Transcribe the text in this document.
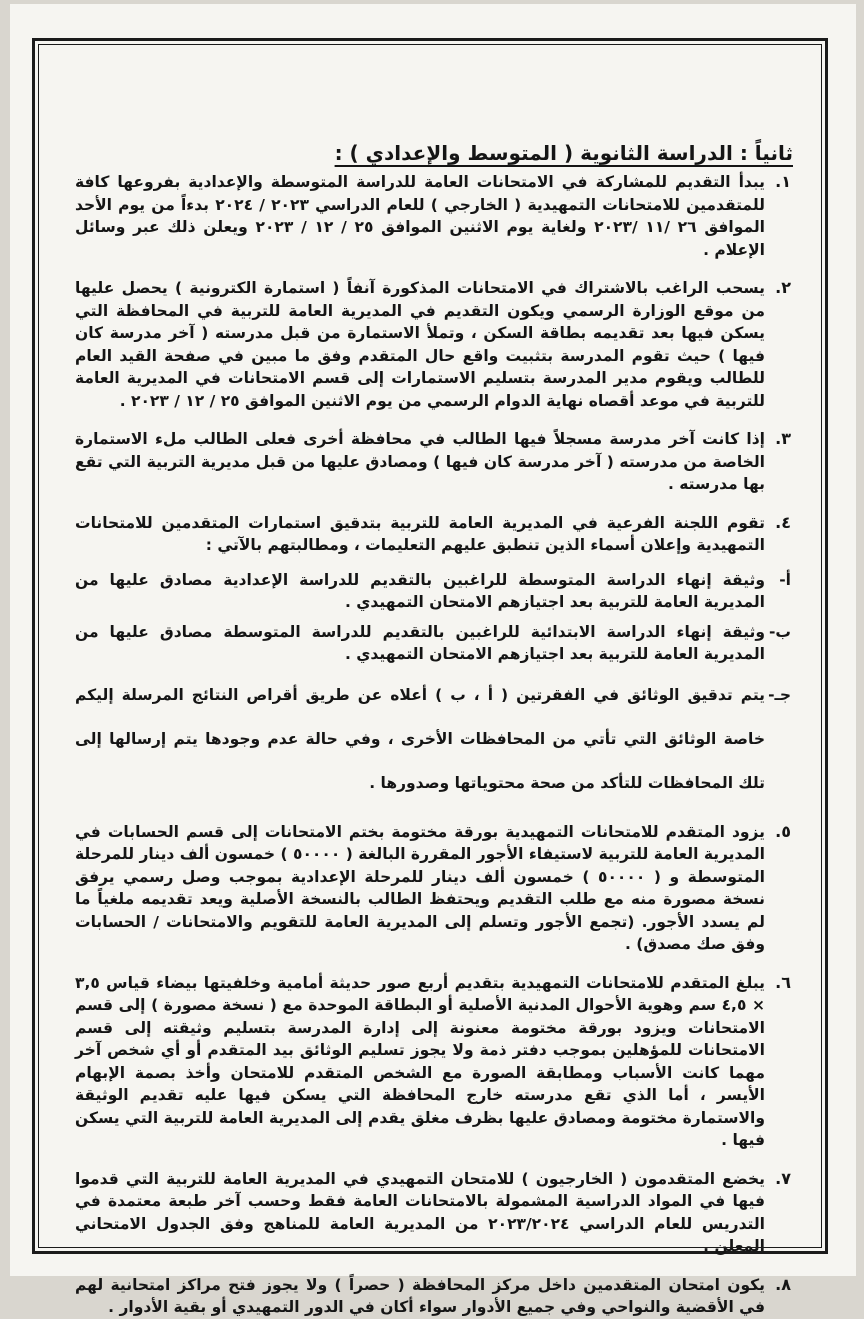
ثانياً : الدراسة الثانوية ( المتوسط والإعدادي ) :
١.
يبدأ التقديم للمشاركة في الامتحانات العامة للدراسة المتوسطة والإعدادية بفروعها كافة للمتقدمين للامتحانات التمهيدية ( الخارجي ) للعام الدراسي ٢٠٢٣ / ٢٠٢٤ بدءاً من يوم الأحد الموافق ٢٦ /١١ /٢٠٢٣ ولغاية يوم الاثنين الموافق ٢٥ / ١٢ / ٢٠٢٣ ويعلن ذلك عبر وسائل الإعلام .
٢.
يسحب الراغب بالاشتراك في الامتحانات المذكورة آنفاً ( استمارة الكترونية ) يحصل عليها من موقع الوزارة الرسمي ويكون التقديم في المديرية العامة للتربية في المحافظة التي يسكن فيها بعد تقديمه بطاقة السكن ، وتملأ الاستمارة من قبل مدرسته ( آخر مدرسة كان فيها ) حيث تقوم المدرسة بتثبيت واقع حال المتقدم وفق ما مبين في صفحة القيد العام للطالب ويقوم مدير المدرسة بتسليم الاستمارات إلى قسم الامتحانات في المديرية العامة للتربية في موعد أقصاه نهاية الدوام الرسمي من يوم الاثنين الموافق ٢٥ / ١٢ / ٢٠٢٣ .
٣.
إذا كانت آخر مدرسة مسجلاً فيها الطالب في محافظة أخرى فعلى الطالب ملء الاستمارة الخاصة من مدرسته ( آخر مدرسة كان فيها ) ومصادق عليها من قبل مديرية التربية التي تقع بها مدرسته .
٤.
تقوم اللجنة الفرعية في المديرية العامة للتربية بتدقيق استمارات المتقدمين للامتحانات التمهيدية وإعلان أسماء الذين تنطبق عليهم التعليمات ، ومطالبتهم بالآتي :
أ-
وثيقة إنهاء الدراسة المتوسطة للراغبين بالتقديم للدراسة الإعدادية مصادق عليها من المديرية العامة للتربية بعد اجتيازهم الامتحان التمهيدي .
ب-
وثيقة إنهاء الدراسة الابتدائية للراغبين بالتقديم للدراسة المتوسطة مصادق عليها من المديرية العامة للتربية بعد اجتيازهم الامتحان التمهيدي .
جـ-
يتم تدقيق الوثائق في الفقرتين ( أ ، ب ) أعلاه عن طريق أقراص النتائج المرسلة إليكم خاصة الوثائق التي تأتي من المحافظات الأخرى ، وفي حالة عدم وجودها يتم إرسالها إلى تلك المحافظات للتأكد من صحة محتوياتها وصدورها .
٥.
يزود المتقدم للامتحانات التمهيدية بورقة مختومة بختم الامتحانات إلى قسم الحسابات في المديرية العامة للتربية لاستيفاء الأجور المقررة البالغة ( ٥٠٠٠٠ ) خمسون ألف دينار للمرحلة المتوسطة و ( ٥٠٠٠٠ ) خمسون ألف دينار للمرحلة الإعدادية بموجب وصل رسمي يرفق نسخة مصورة منه مع طلب التقديم ويحتفظ الطالب بالنسخة الأصلية ويعد تقديمه ملغياً ما لم يسدد الأجور. (تجمع الأجور وتسلم إلى المديرية العامة للتقويم والامتحانات / الحسابات وفق صك مصدق) .
٦.
يبلغ المتقدم للامتحانات التمهيدية بتقديم أربع صور حديثة أمامية وخلفيتها بيضاء قياس ٣,٥ × ٤,٥ سم وهوية الأحوال المدنية الأصلية أو البطاقة الموحدة مع ( نسخة مصورة ) إلى قسم الامتحانات ويزود بورقة مختومة معنونة إلى إدارة المدرسة بتسليم وثيقته إلى قسم الامتحانات للمؤهلين بموجب دفتر ذمة ولا يجوز تسليم الوثائق بيد المتقدم أو أي شخص آخر مهما كانت الأسباب ومطابقة الصورة مع الشخص المتقدم للامتحان وأخذ بصمة الإبهام الأيسر ، أما الذي تقع مدرسته خارج المحافظة التي يسكن فيها عليه تقديم الوثيقة والاستمارة مختومة ومصادق عليها بظرف مغلق يقدم إلى المديرية العامة للتربية التي يسكن فيها .
٧.
يخضع المتقدمون ( الخارجيون ) للامتحان التمهيدي في المديرية العامة للتربية التي قدموا فيها في المواد الدراسية المشمولة بالامتحانات العامة فقط وحسب آخر طبعة معتمدة في التدريس للعام الدراسي ٢٠٢٣/٢٠٢٤ من المديرية العامة للمناهج وفق الجدول الامتحاني المعلن .
٨.
يكون امتحان المتقدمين داخل مركز المحافظة ( حصراً ) ولا يجوز فتح مراكز امتحانية لهم في الأقضية والنواحي وفي جميع الأدوار سواء أكان في الدور التمهيدي أو بقية الأدوار .
